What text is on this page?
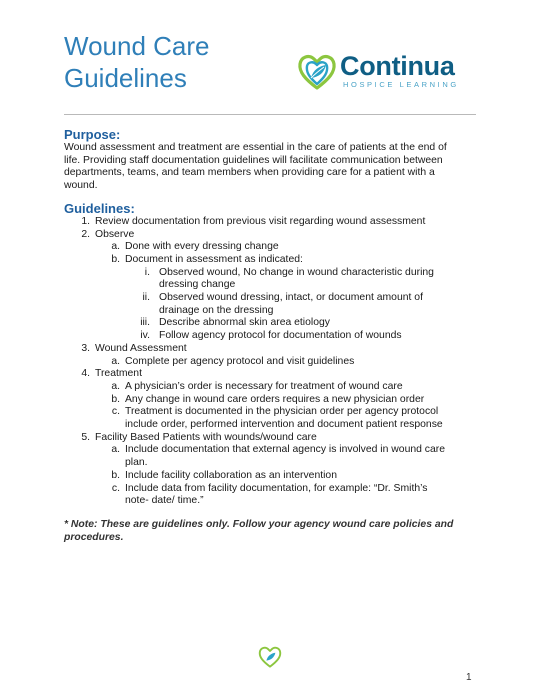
Wound Care
Guidelines	Continua
HOSPICE LEARNING
Purpose:
Wound assessment and treatment are essential in the care of patients at the end of
life. Providing staff documentation guidelines will facilitate communication between
departments, teams, and team members when providing care for a patient with a
wound.
Guidelines:
1. Review documentation from previous visit regarding wound assessment
2. Observe
a. Done with every dressing change
b. Document in assessment as indicated:
i. Observed wound, No change in wound characteristic during
dressing change
ii. Observed wound dressing, intact, or document amount of
drainage on the dressing
iii. Describe abnormal skin area etiology
iv. Follow agency protocol for documentation of wounds
3. Wound Assessment
a. Complete per agency protocol and visit guidelines
4. Treatment
a. A physician’s order is necessary for treatment of wound care
b. Any change in wound care orders requires a new physician order
c. Treatment is documented in the physician order per agency protocol
include order, performed intervention and document patient response
5. Facility Based Patients with wounds/wound care
a. Include documentation that external agency is involved in wound care
plan.
b. Include facility collaboration as an intervention
c. Include data from facility documentation, for example: “Dr. Smith’s
note- date/ time.”
* Note: These are guidelines only. Follow your agency wound care policies and
procedures.
1
